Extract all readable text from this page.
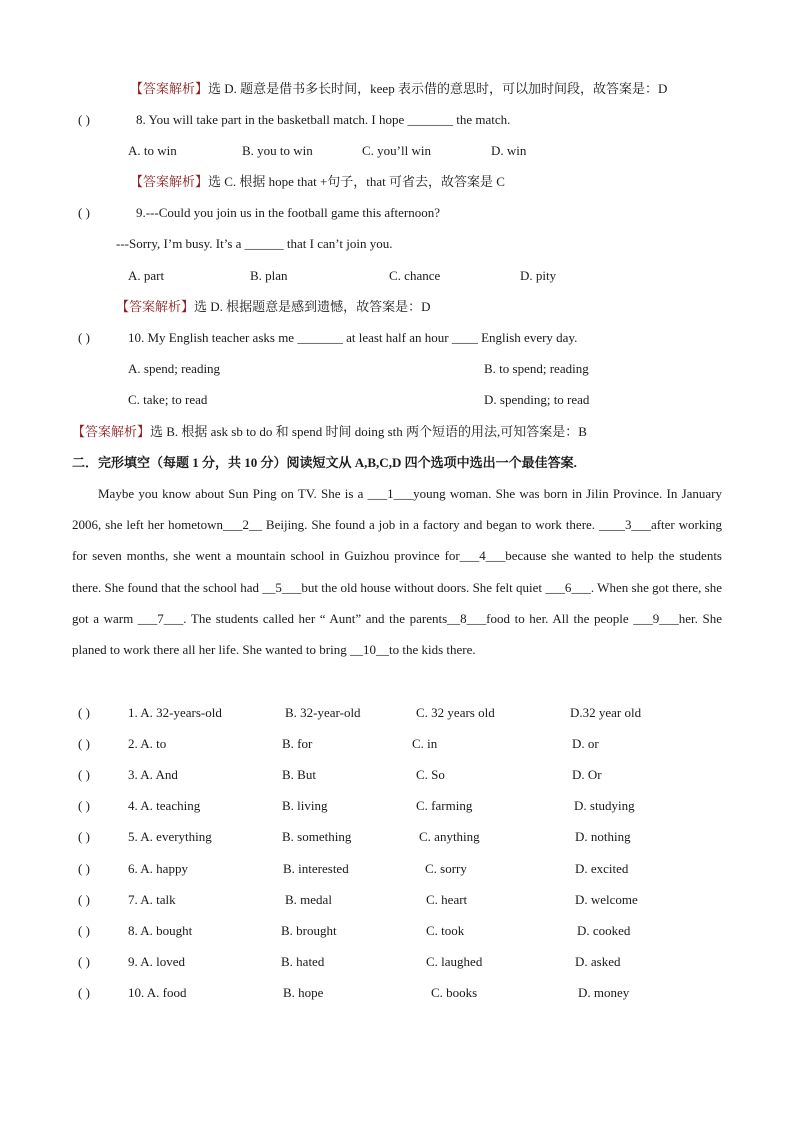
【答案解析】选 D. 题意是借书多长时间，keep 表示借的意思时，可以加时间段，故答案是：D
( )	8. You will take part in the basketball match. I hope _______ the match.
A. to win	B. you to win	C. you’ll win	D. win
【答案解析】选 C. 根据 hope that +句子，that 可省去，故答案是 C
( )	9.---Could you join us in the football game this afternoon?
---Sorry, I’m busy. It’s a ______ that I can’t join you.
A. part	B. plan	C. chance	D. pity
【答案解析】选 D. 根据题意是感到遗憾，故答案是：D
( )	10. My English teacher asks me _______ at least half an hour ____ English every day.
A. spend; reading	B. to spend; reading
C. take; to read	D. spending; to read
【答案解析】选 B. 根据 ask sb to do 和 spend 时间 doing sth 两个短语的用法,可知答案是：B
二．完形填空（每题 1 分，共 10 分）阅读短文从 A,B,C,D 四个选项中选出一个最佳答案.
Maybe you know about Sun Ping on TV. She is a ___1___young woman. She was born in Jilin Province. In January 2006, she left her hometown___2__ Beijing. She found a job in a factory and began to work there. ____3___after working for seven months, she went a mountain school in Guizhou province for___4___because she wanted to help the students there. She found that the school had __5___but the old house without doors. She felt quiet ___6___. When she got there, she got a warm ___7___. The students called her “ Aunt” and the parents__8___food to her. All the people ___9___her. She planed to work there all her life. She wanted to bring __10__to the kids there.
( )	1. A. 32-years-old	B. 32-year-old	C. 32 years old	D.32 year old
( )	2. A. to	B. for	C. in	D. or
( )	3. A. And	B. But	C. So	D. Or
( )	4. A. teaching	B. living	C. farming	D. studying
( )	5. A. everything	B. something	C. anything	D. nothing
( )	6. A. happy	B. interested	C. sorry	D. excited
( )	7. A. talk	B. medal	C. heart	D. welcome
( )	8. A. bought	B. brought	C. took	D. cooked
( )	9. A. loved	B. hated	C. laughed	D. asked
( )	10. A. food	B. hope	C. books	D. money
